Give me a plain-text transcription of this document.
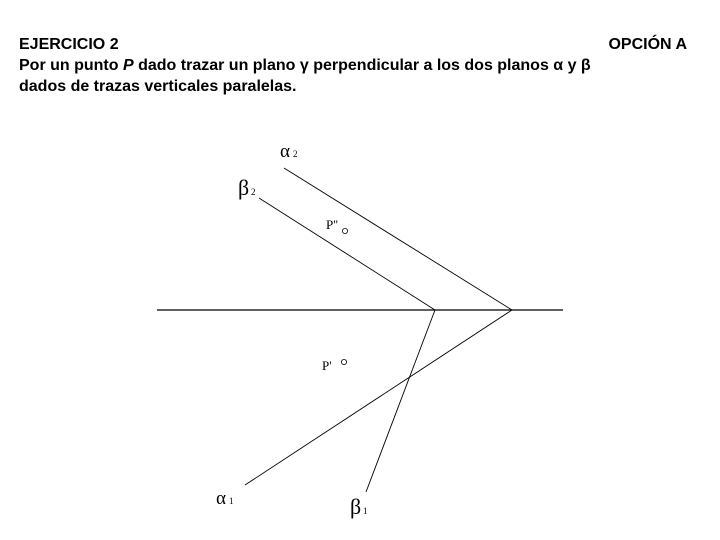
EJERCICIO 2	OPCIÓN A
Por un punto P dado trazar un plano γ perpendicular a los dos planos α y β
dados de trazas verticales paralelas.
α 2
β 2
P''
P'
α 1	β 1
